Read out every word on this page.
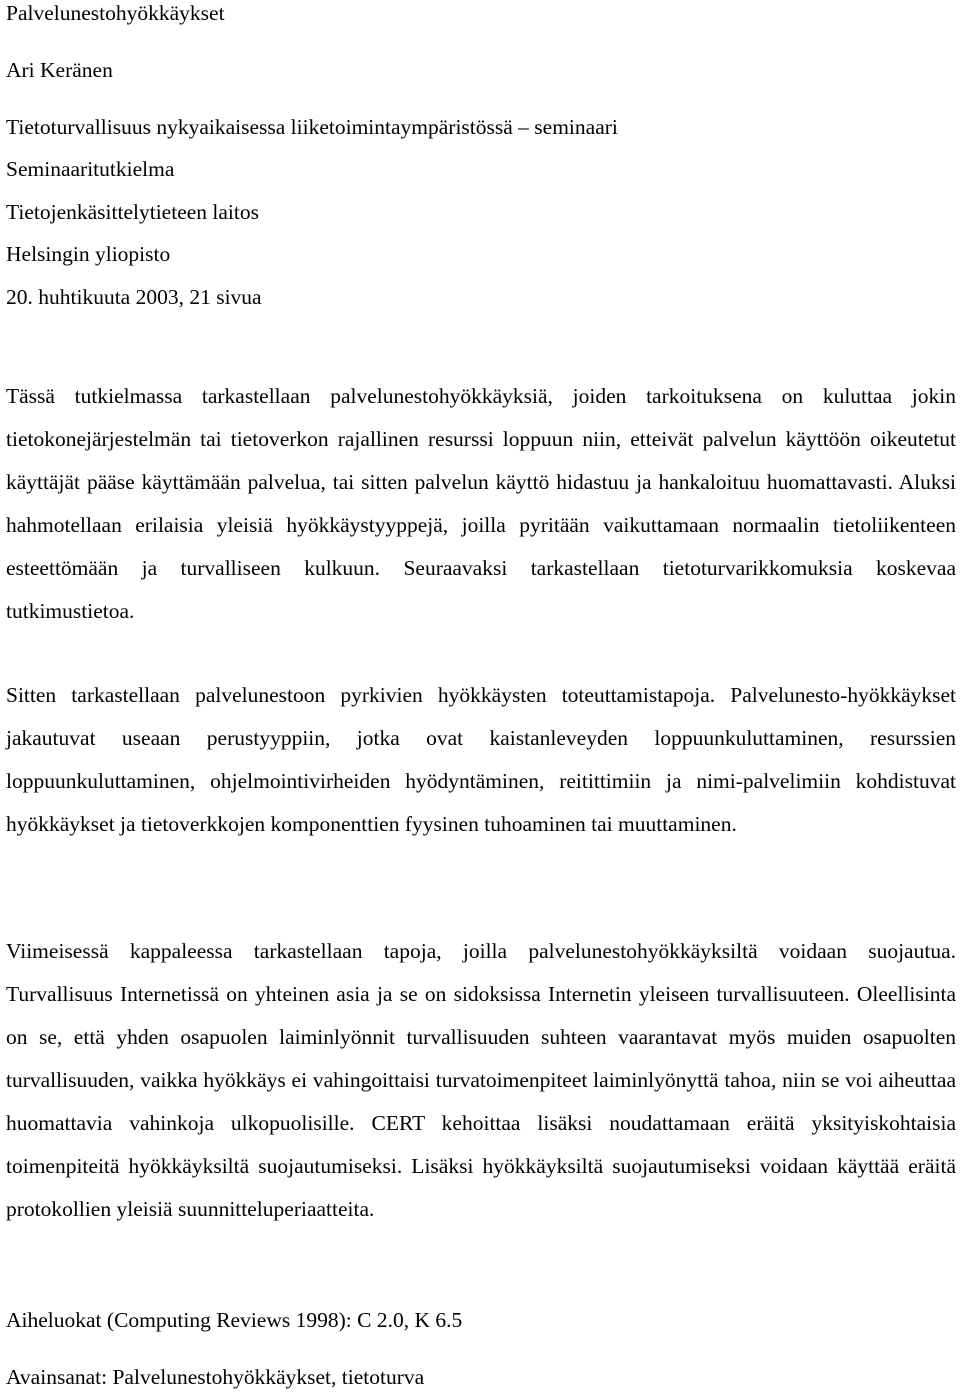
Palvelunestohyökkäykset
Ari Keränen
Tietoturvallisuus nykyaikaisessa liiketoimintaympäristössä – seminaari
Seminaaritutkielma
Tietojenkäsittelytieteen laitos
Helsingin yliopisto
20. huhtikuuta 2003, 21 sivua

Tässä tutkielmassa tarkastellaan palvelunestohyökkäyksiä, joiden tarkoituksena on kuluttaa jokin tietokonejärjestelmän tai tietoverkon rajallinen resurssi loppuun niin, etteivät palvelun käyttöön oikeutetut käyttäjät pääse käyttämään palvelua, tai sitten palvelun käyttö hidastuu ja hankaloituu huomattavasti. Aluksi hahmotellaan erilaisia yleisiä hyökkäystyyppejä, joilla pyritään vaikuttamaan normaalin tietoliikenteen esteettömään ja turvalliseen kulkuun. Seuraavaksi tarkastellaan tietoturvarikkomuksia koskevaa tutkimustietoa.

Sitten tarkastellaan palvelunestoon pyrkivien hyökkäysten toteuttamistapoja. Palvelunesto-hyökkäykset jakautuvat useaan perustyyppiin, jotka ovat kaistanleveyden loppuunkuluttaminen, resurssien loppuunkuluttaminen, ohjelmointivirheiden hyödyntäminen, reitittimiin ja nimi-palvelimiin kohdistuvat hyökkäykset ja tietoverkkojen komponenttien fyysinen tuhoaminen tai muuttaminen.

Viimeisessä kappaleessa tarkastellaan tapoja, joilla palvelunestohyökkäyksiltä voidaan suojautua. Turvallisuus Internetissä on yhteinen asia ja se on sidoksissa Internetin yleiseen turvallisuuteen. Oleellisinta on se, että yhden osapuolen laiminlyönnit turvallisuuden suhteen vaarantavat myös muiden osapuolten turvallisuuden, vaikka hyökkäys ei vahingoittaisi turvatoimenpiteet laiminlyönyttä tahoa, niin se voi aiheuttaa huomattavia vahinkoja ulkopuolisille. CERT kehoittaa lisäksi noudattamaan eräitä yksityiskohtaisia toimenpiteitä hyökkäyksiltä suojautumiseksi. Lisäksi hyökkäyksiltä suojautumiseksi voidaan käyttää eräitä protokollien yleisiä suunnitteluperiaatteita.

Aiheluokat (Computing Reviews 1998): C 2.0, K 6.5
Avainsanat: Palvelunestohyökkäykset, tietoturva
